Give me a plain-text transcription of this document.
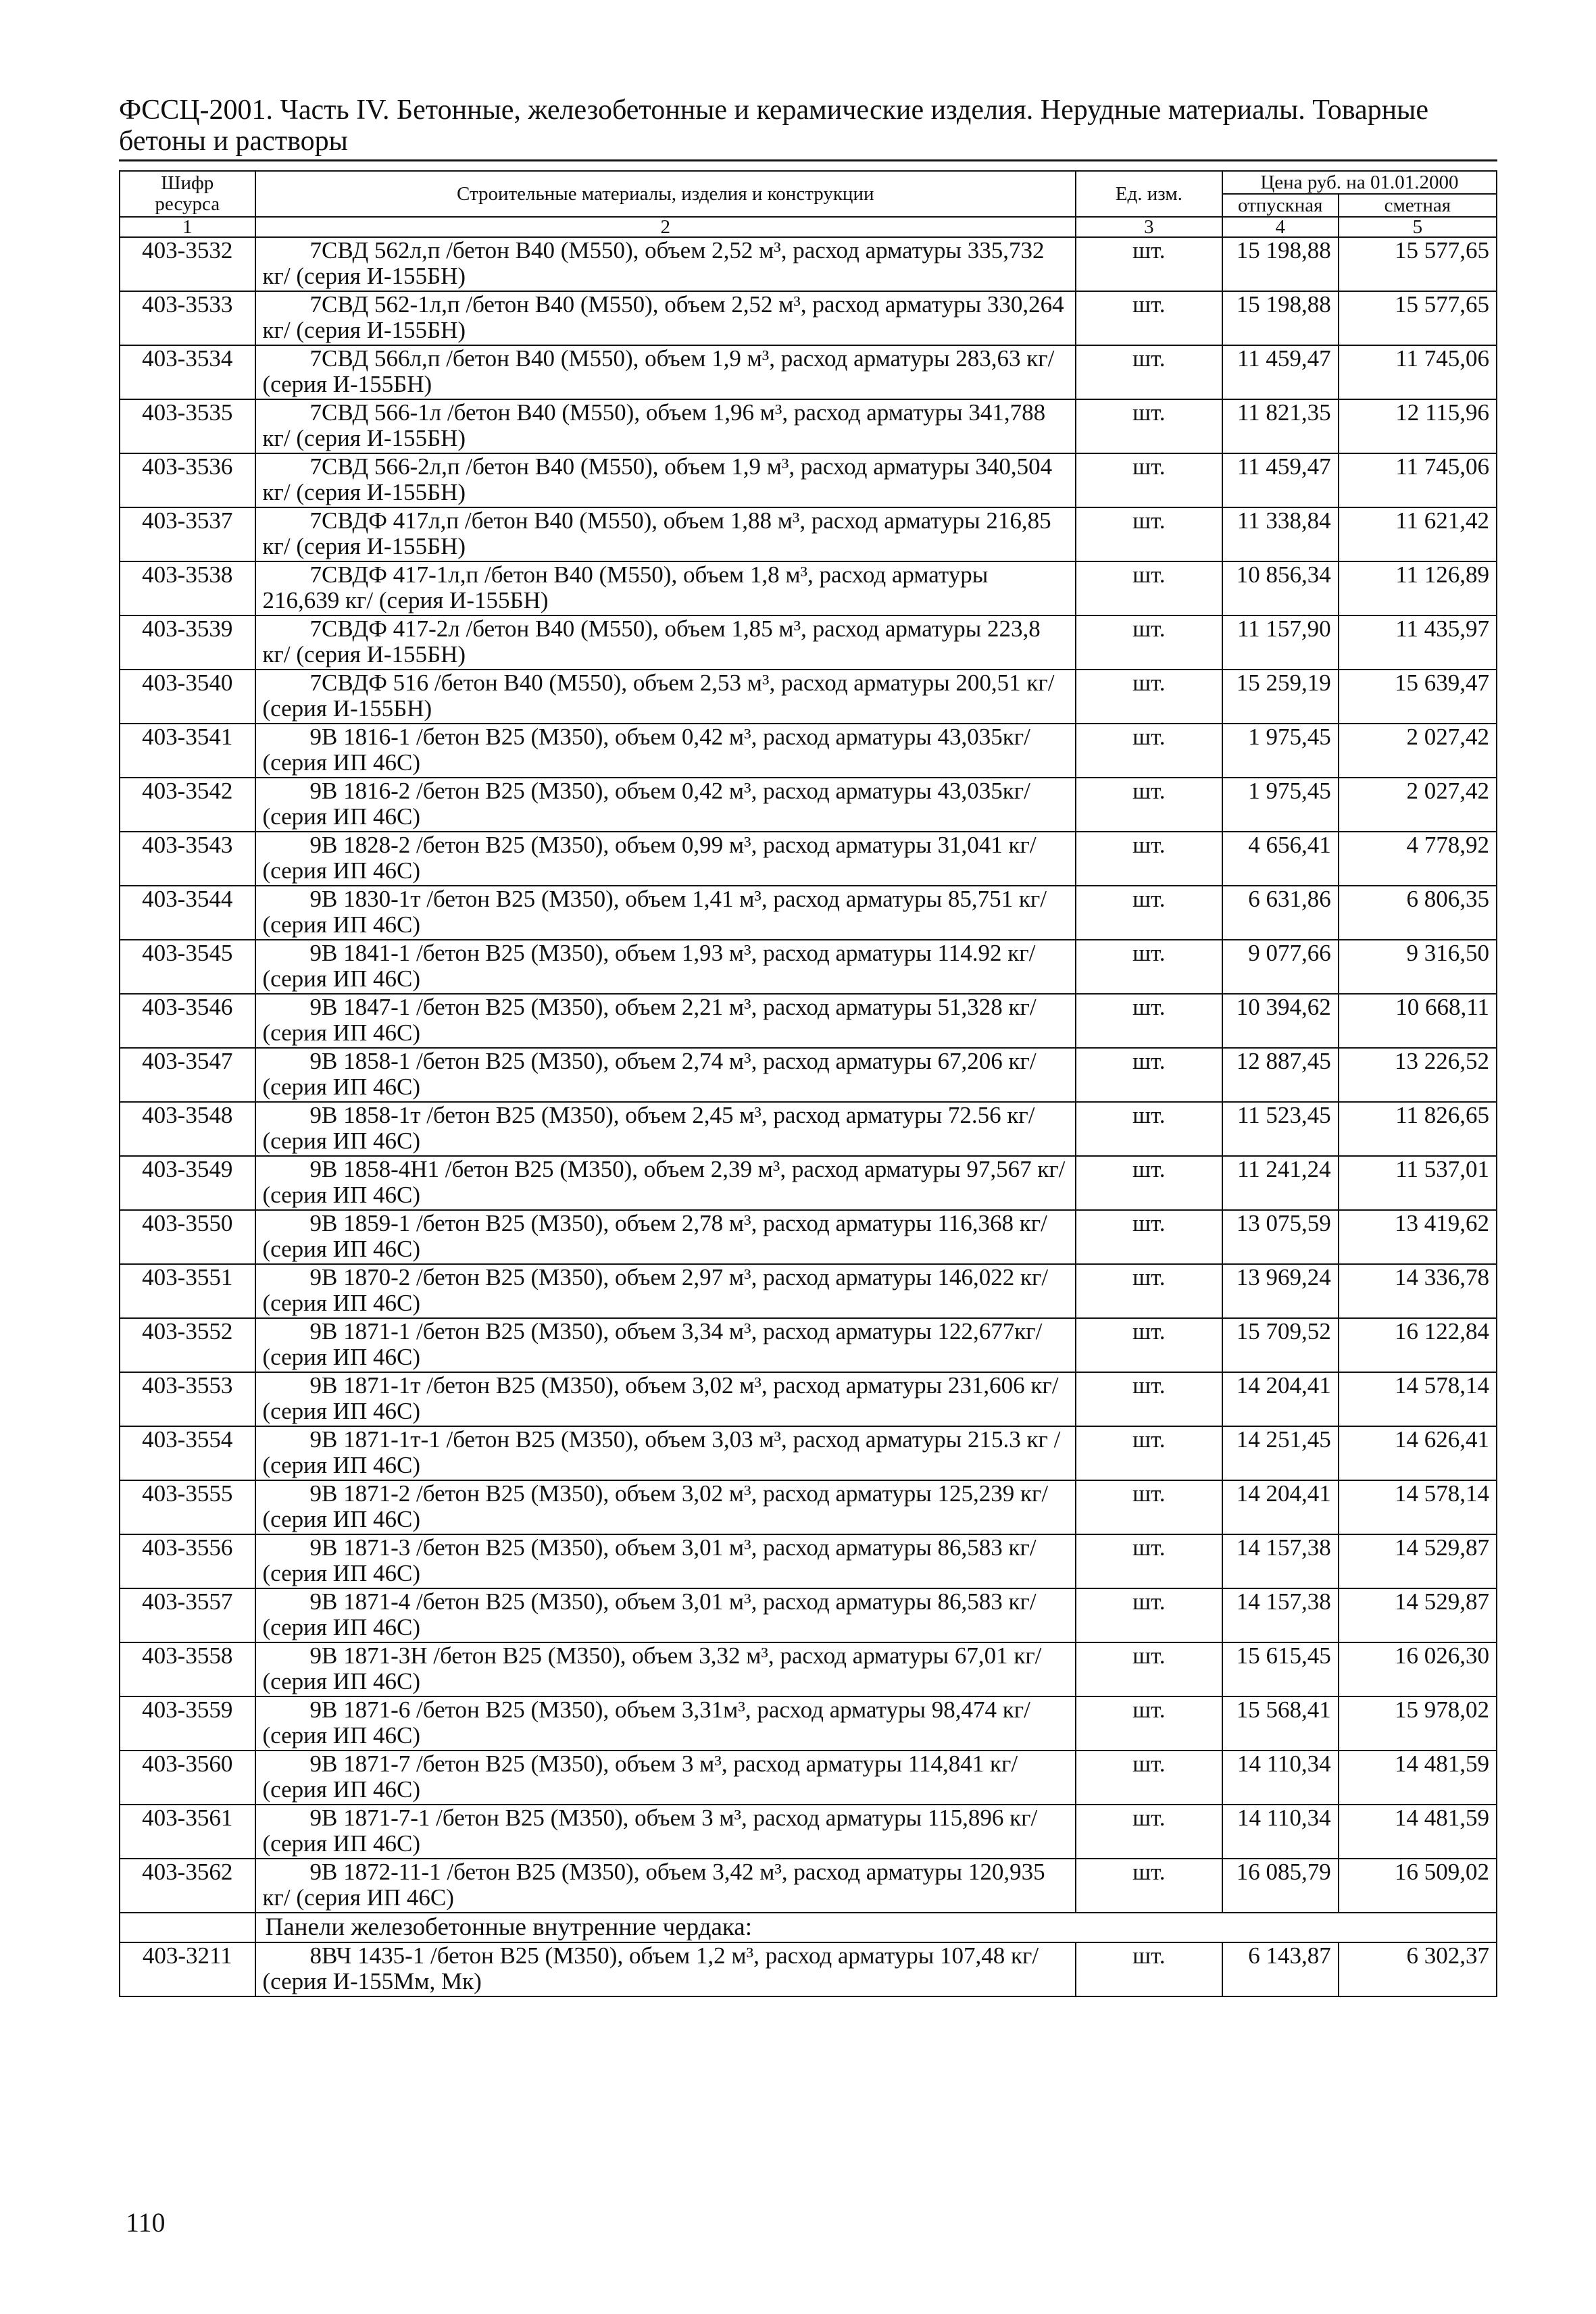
ФССЦ-2001. Часть IV. Бетонные, железобетонные и керамические изделия. Нерудные материалы. Товарные бетоны и растворы
Шифр ресурса	Строительные материалы, изделия и конструкции	Ед. изм.	Цена руб. на 01.01.2000	
			отпускная	сметная
1	2	3	4	5
403-3532	7СВД 562л,п /бетон В40 (М550), объем 2,52 м³, расход арматуры 335,732 кг/ (серия И-155БН)	шт.	15 198,88	15 577,65
403-3533	7СВД 562-1л,п /бетон В40 (М550), объем 2,52 м³, расход арматуры 330,264 кг/ (серия И-155БН)	шт.	15 198,88	15 577,65
403-3534	7СВД 566л,п /бетон В40 (М550), объем 1,9 м³, расход арматуры 283,63 кг/ (серия И-155БН)	шт.	11 459,47	11 745,06
403-3535	7СВД 566-1л /бетон В40 (М550), объем 1,96 м³, расход арматуры 341,788 кг/ (серия И-155БН)	шт.	11 821,35	12 115,96
403-3536	7СВД 566-2л,п /бетон В40 (М550), объем 1,9 м³, расход арматуры 340,504 кг/ (серия И-155БН)	шт.	11 459,47	11 745,06
403-3537	7СВДФ 417л,п /бетон В40 (М550), объем 1,88 м³, расход арматуры 216,85 кг/ (серия И-155БН)	шт.	11 338,84	11 621,42
403-3538	7СВДФ 417-1л,п /бетон В40 (М550), объем 1,8 м³, расход арматуры 216,639 кг/ (серия И-155БН)	шт.	10 856,34	11 126,89
403-3539	7СВДФ 417-2л /бетон В40 (М550), объем 1,85 м³, расход арматуры 223,8 кг/ (серия И-155БН)	шт.	11 157,90	11 435,97
403-3540	7СВДФ 516 /бетон В40 (М550), объем 2,53 м³, расход арматуры 200,51 кг/ (серия И-155БН)	шт.	15 259,19	15 639,47
403-3541	9В 1816-1 /бетон В25 (М350), объем 0,42 м³, расход арматуры 43,035кг/ (серия ИП 46С)	шт.	1 975,45	2 027,42
403-3542	9В 1816-2 /бетон В25 (М350), объем 0,42 м³, расход арматуры 43,035кг/ (серия ИП 46С)	шт.	1 975,45	2 027,42
403-3543	9В 1828-2 /бетон В25 (М350), объем 0,99 м³, расход арматуры 31,041 кг/ (серия ИП 46С)	шт.	4 656,41	4 778,92
403-3544	9В 1830-1т /бетон В25 (М350), объем 1,41 м³, расход арматуры 85,751 кг/ (серия ИП 46С)	шт.	6 631,86	6 806,35
403-3545	9В 1841-1 /бетон В25 (М350), объем 1,93 м³, расход арматуры 114.92 кг/ (серия ИП 46С)	шт.	9 077,66	9 316,50
403-3546	9В 1847-1 /бетон В25 (М350), объем 2,21 м³, расход арматуры 51,328 кг/ (серия ИП 46С)	шт.	10 394,62	10 668,11
403-3547	9В 1858-1 /бетон В25 (М350), объем 2,74 м³, расход арматуры 67,206 кг/ (серия ИП 46С)	шт.	12 887,45	13 226,52
403-3548	9В 1858-1т /бетон В25 (М350), объем 2,45 м³, расход арматуры 72.56 кг/ (серия ИП 46С)	шт.	11 523,45	11 826,65
403-3549	9В 1858-4Н1 /бетон В25 (М350), объем 2,39 м³, расход арматуры 97,567 кг/ (серия ИП 46С)	шт.	11 241,24	11 537,01
403-3550	9В 1859-1 /бетон В25 (М350), объем 2,78 м³, расход арматуры 116,368 кг/ (серия ИП 46С)	шт.	13 075,59	13 419,62
403-3551	9В 1870-2 /бетон В25 (М350), объем 2,97 м³, расход арматуры 146,022 кг/ (серия ИП 46С)	шт.	13 969,24	14 336,78
403-3552	9В 1871-1 /бетон В25 (М350), объем 3,34 м³, расход арматуры 122,677кг/ (серия ИП 46С)	шт.	15 709,52	16 122,84
403-3553	9В 1871-1т /бетон В25 (М350), объем 3,02 м³, расход арматуры 231,606 кг/ (серия ИП 46С)	шт.	14 204,41	14 578,14
403-3554	9В 1871-1т-1 /бетон В25 (М350), объем 3,03 м³, расход арматуры 215.3 кг / (серия ИП 46С)	шт.	14 251,45	14 626,41
403-3555	9В 1871-2 /бетон В25 (М350), объем 3,02 м³, расход арматуры 125,239 кг/ (серия ИП 46С)	шт.	14 204,41	14 578,14
403-3556	9В 1871-3 /бетон В25 (М350), объем 3,01 м³, расход арматуры 86,583 кг/ (серия ИП 46С)	шт.	14 157,38	14 529,87
403-3557	9В 1871-4 /бетон В25 (М350), объем 3,01 м³, расход арматуры 86,583 кг/ (серия ИП 46С)	шт.	14 157,38	14 529,87
403-3558	9В 1871-3Н /бетон В25 (М350), объем 3,32 м³, расход арматуры 67,01 кг/ (серия ИП 46С)	шт.	15 615,45	16 026,30
403-3559	9В 1871-6 /бетон В25 (М350), объем 3,31м³, расход арматуры 98,474 кг/ (серия ИП 46С)	шт.	15 568,41	15 978,02
403-3560	9В 1871-7 /бетон В25 (М350), объем 3 м³, расход арматуры 114,841 кг/ (серия ИП 46С)	шт.	14 110,34	14 481,59
403-3561	9В 1871-7-1 /бетон В25 (М350), объем 3 м³, расход арматуры 115,896 кг/ (серия ИП 46С)	шт.	14 110,34	14 481,59
403-3562	9В 1872-11-1 /бетон В25 (М350), объем 3,42 м³, расход арматуры 120,935 кг/ (серия ИП 46С)	шт.	16 085,79	16 509,02
	Панели железобетонные внутренние чердака:			
403-3211	8ВЧ 1435-1 /бетон В25 (М350), объем 1,2 м³, расход арматуры 107,48 кг/ (серия И-155Мм, Мк)	шт.	6 143,87	6 302,37
110
